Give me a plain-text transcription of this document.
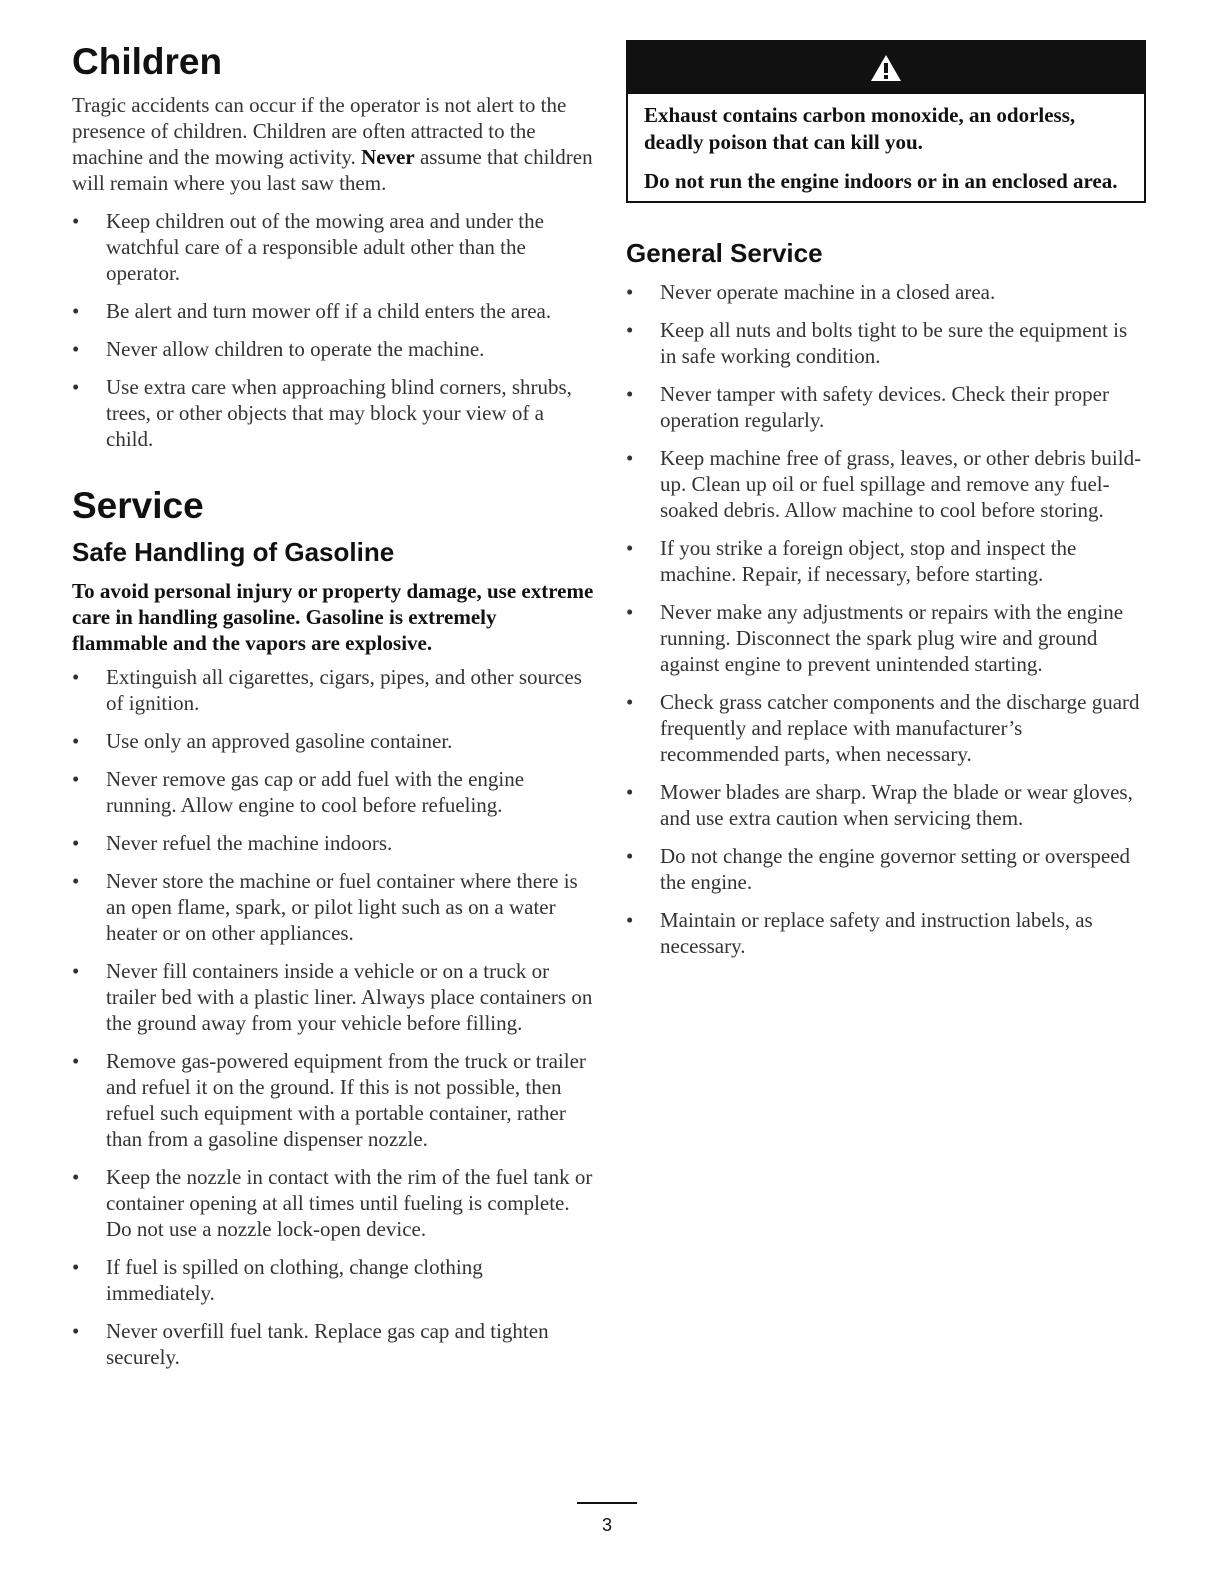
Children

Tragic accidents can occur if the operator is not alert to the presence of children. Children are often attracted to the machine and the mowing activity. Never assume that children will remain where you last saw them.

• Keep children out of the mowing area and under the watchful care of a responsible adult other than the operator.
• Be alert and turn mower off if a child enters the area.
• Never allow children to operate the machine.
• Use extra care when approaching blind corners, shrubs, trees, or other objects that may block your view of a child.
Service
Safe Handling of Gasoline

To avoid personal injury or property damage, use extreme care in handling gasoline. Gasoline is extremely flammable and the vapors are explosive.

• Extinguish all cigarettes, cigars, pipes, and other sources of ignition.
• Use only an approved gasoline container.
• Never remove gas cap or add fuel with the engine running. Allow engine to cool before refueling.
• Never refuel the machine indoors.
• Never store the machine or fuel container where there is an open flame, spark, or pilot light such as on a water heater or on other appliances.
• Never fill containers inside a vehicle or on a truck or trailer bed with a plastic liner. Always place containers on the ground away from your vehicle before filling.
• Remove gas-powered equipment from the truck or trailer and refuel it on the ground. If this is not possible, then refuel such equipment with a portable container, rather than from a gasoline dispenser nozzle.
• Keep the nozzle in contact with the rim of the fuel tank or container opening at all times until fueling is complete. Do not use a nozzle lock-open device.
• If fuel is spilled on clothing, change clothing immediately.
• Never overfill fuel tank. Replace gas cap and tighten securely.

Exhaust contains carbon monoxide, an odorless, deadly poison that can kill you.

Do not run the engine indoors or in an enclosed area.

General Service
• Never operate machine in a closed area.
• Keep all nuts and bolts tight to be sure the equipment is in safe working condition.
• Never tamper with safety devices. Check their proper operation regularly.
• Keep machine free of grass, leaves, or other debris build-up. Clean up oil or fuel spillage and remove any fuel-soaked debris. Allow machine to cool before storing.
• If you strike a foreign object, stop and inspect the machine. Repair, if necessary, before starting.
• Never make any adjustments or repairs with the engine running. Disconnect the spark plug wire and ground against engine to prevent unintended starting.
• Check grass catcher components and the discharge guard frequently and replace with manufacturer’s recommended parts, when necessary.
• Mower blades are sharp. Wrap the blade or wear gloves, and use extra caution when servicing them.
• Do not change the engine governor setting or overspeed the engine.
• Maintain or replace safety and instruction labels, as necessary.
3
